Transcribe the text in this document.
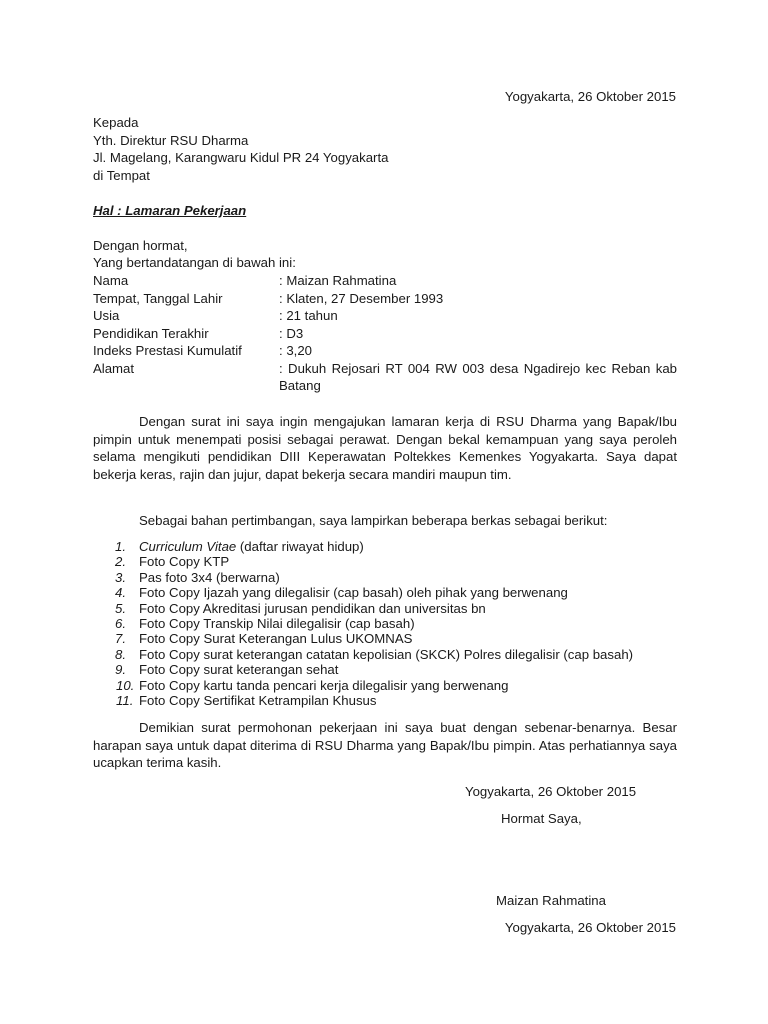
Yogyakarta, 26 Oktober 2015
Kepada
Yth. Direktur RSU Dharma
Jl. Magelang, Karangwaru Kidul PR 24 Yogyakarta
di Tempat
Hal : Lamaran Pekerjaan
Dengan hormat,
Yang bertandatangan di bawah ini:
Nama	: Maizan Rahmatina
Tempat, Tanggal Lahir	: Klaten, 27 Desember 1993
Usia	: 21 tahun
Pendidikan Terakhir	: D3
Indeks Prestasi Kumulatif	: 3,20
Alamat	: Dukuh Rejosari RT 004 RW 003 desa Ngadirejo kec Reban kab Batang
Dengan surat ini saya ingin mengajukan lamaran kerja di RSU Dharma yang Bapak/Ibu pimpin untuk menempati posisi sebagai perawat. Dengan bekal kemampuan yang saya peroleh selama mengikuti pendidikan DIII Keperawatan Poltekkes Kemenkes Yogyakarta. Saya dapat bekerja keras, rajin dan jujur, dapat bekerja secara mandiri maupun tim.
Sebagai bahan pertimbangan, saya lampirkan beberapa berkas sebagai berikut:
1. Curriculum Vitae (daftar riwayat hidup)
2. Foto Copy KTP
3. Pas foto 3x4 (berwarna)
4. Foto Copy Ijazah yang dilegalisir (cap basah) oleh pihak yang berwenang
5. Foto Copy Akreditasi jurusan pendidikan dan universitas bn
6. Foto Copy Transkip Nilai dilegalisir (cap basah)
7. Foto Copy Surat Keterangan Lulus UKOMNAS
8. Foto Copy surat keterangan catatan kepolisian (SKCK) Polres dilegalisir (cap basah)
9. Foto Copy surat keterangan sehat
10. Foto Copy kartu tanda pencari kerja dilegalisir yang berwenang
11. Foto Copy Sertifikat Ketrampilan Khusus
Demikian surat permohonan pekerjaan ini saya buat dengan sebenar-benarnya. Besar harapan saya untuk dapat diterima di RSU Dharma yang Bapak/Ibu pimpin. Atas perhatiannya saya ucapkan terima kasih.
Yogyakarta, 26 Oktober 2015
Hormat Saya,
Maizan Rahmatina
Yogyakarta, 26 Oktober 2015
